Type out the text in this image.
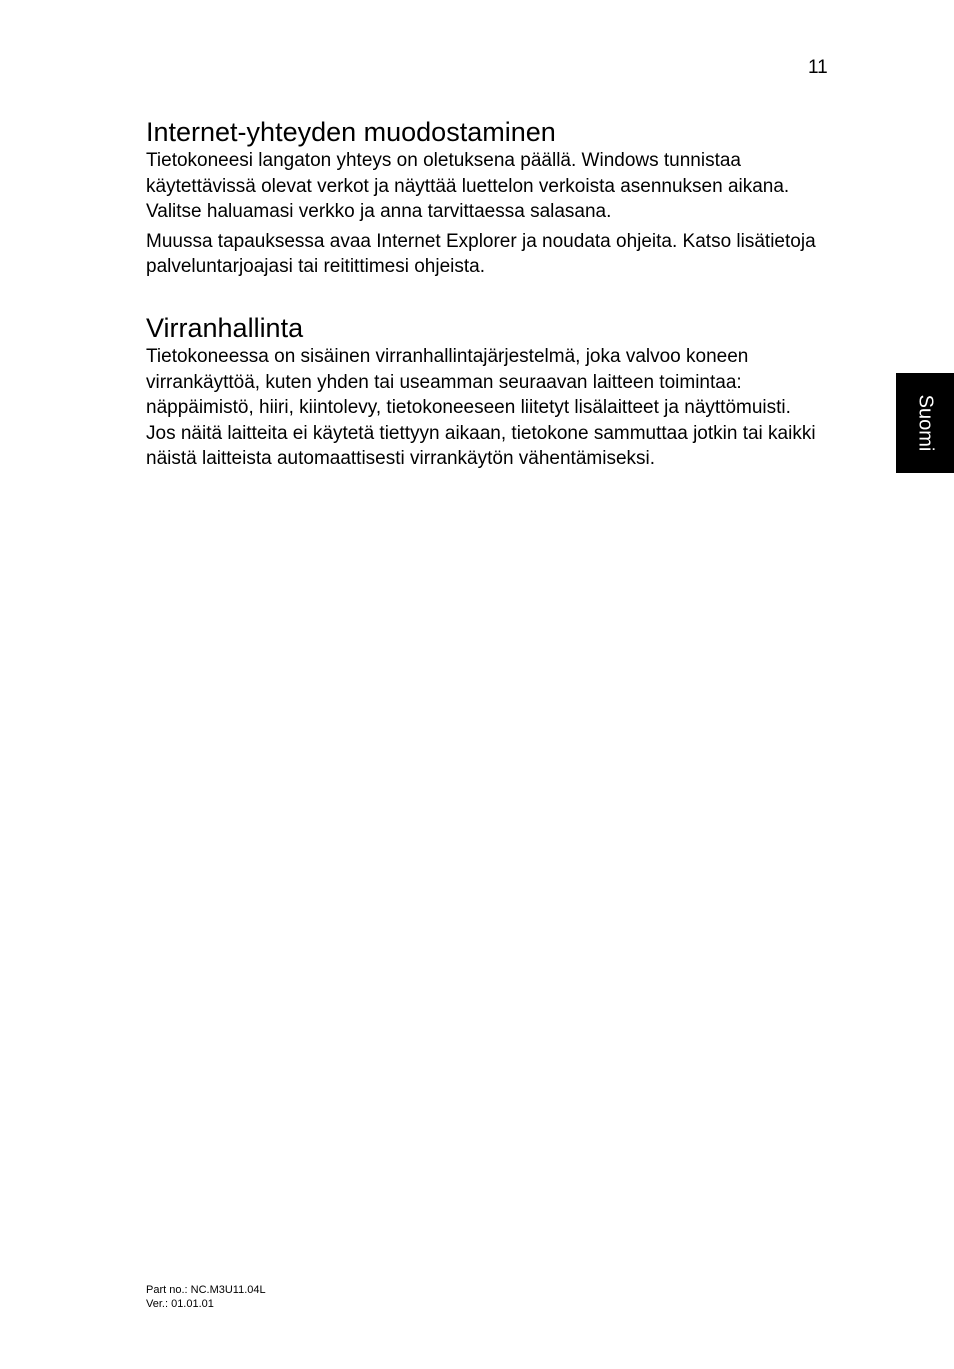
11
Internet-yhteyden muodostaminen

Tietokoneesi langaton yhteys on oletuksena päällä. Windows tunnistaa käytettävissä olevat verkot ja näyttää luettelon verkoista asennuksen aikana. Valitse haluamasi verkko ja anna tarvittaessa salasana.

Muussa tapauksessa avaa Internet Explorer ja noudata ohjeita. Katso lisätietoja palveluntarjoajasi tai reitittimesi ohjeista.

Virranhallinta

Tietokoneessa on sisäinen virranhallintajärjestelmä, joka valvoo koneen virrankäyttöä, kuten yhden tai useamman seuraavan laitteen toimintaa: näppäimistö, hiiri, kiintolevy, tietokoneeseen liitetyt lisälaitteet ja näyttömuisti. Jos näitä laitteita ei käytetä tiettyyn aikaan, tietokone sammuttaa jotkin tai kaikki näistä laitteista automaattisesti virrankäytön vähentämiseksi.

Suomi
Part no.: NC.M3U11.04L
Ver.: 01.01.01
